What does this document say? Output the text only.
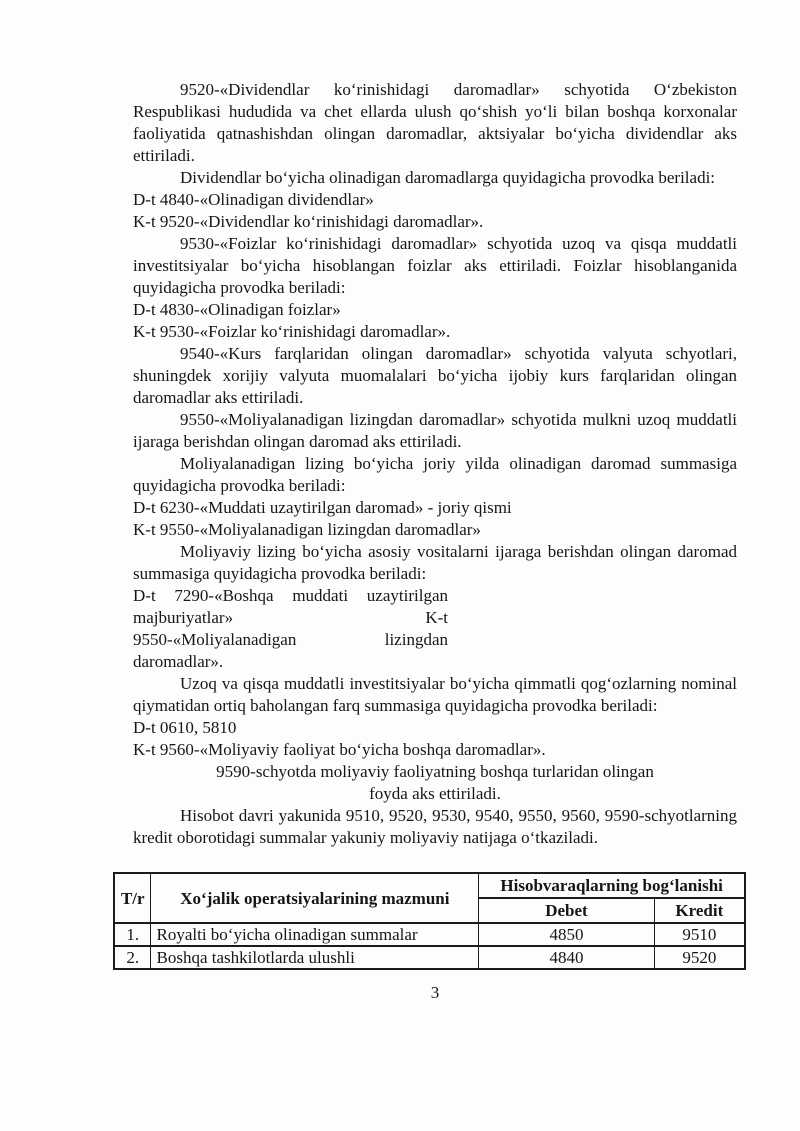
9520-«Dividendlar ko‘rinishidagi daromadlar» schyotida O‘zbekiston Respublikasi hududida va chet ellarda ulush qo‘shish yo‘li bilan boshqa korxonalar faoliyatida qatnashishdan olingan daromadlar, aktsiyalar bo‘yicha dividendlar aks ettiriladi.

Dividendlar bo‘yicha olinadigan daromadlarga quyidagicha provodka beriladi:

D-t 4840-«Olinadigan dividendlar»

K-t 9520-«Dividendlar ko‘rinishidagi daromadlar».

9530-«Foizlar ko‘rinishidagi daromadlar» schyotida uzoq va qisqa muddatli investitsiyalar bo‘yicha hisoblangan foizlar aks ettiriladi. Foizlar hisoblanganida quyidagicha provodka beriladi:

D-t 4830-«Olinadigan foizlar»

K-t 9530-«Foizlar ko‘rinishidagi daromadlar».

9540-«Kurs farqlaridan olingan daromadlar» schyotida valyuta schyotlari, shuningdek xorijiy valyuta muomalalari bo‘yicha ijobiy kurs farqlaridan olingan daromadlar aks ettiriladi.

9550-«Moliyalanadigan lizingdan daromadlar» schyotida mulkni uzoq muddatli ijaraga berishdan olingan daromad aks ettiriladi.

Moliyalanadigan lizing bo‘yicha joriy yilda olinadigan daromad summasiga quyidagicha provodka beriladi:

D-t 6230-«Muddati uzaytirilgan daromad» - joriy qismi

K-t 9550-«Moliyalanadigan lizingdan daromadlar»

Moliyaviy lizing bo‘yicha asosiy vositalarni ijaraga berishdan olingan daromad summasiga quyidagicha provodka beriladi:

D-t 7290-«Boshqa muddati uzaytirilgan
majburiyatlar»	K-t
9550-«Moliyalanadigan	lizingdan
daromadlar».

Uzoq va qisqa muddatli investitsiyalar bo‘yicha qimmatli qog‘ozlarning nominal qiymatidan ortiq baholangan farq summasiga quyidagicha provodka beriladi:

D-t 0610, 5810

K-t 9560-«Moliyaviy faoliyat bo‘yicha boshqa daromadlar».

9590-schyotda moliyaviy faoliyatning boshqa turlaridan olingan

foyda aks ettiriladi.

Hisobot davri yakunida 9510, 9520, 9530, 9540, 9550, 9560, 9590-schyotlarning kredit oborotidagi summalar yakuniy moliyaviy natijaga o‘tkaziladi.

T/r	Xo‘jalik operatsiyalarining mazmuni	Hisobvaraqlarning bog‘lanishi	
		Debet	Kredit
1.	Royalti bo‘yicha olinadigan summalar	4850	9510
2.	Boshqa tashkilotlarda ulushli	4840	9520
3
